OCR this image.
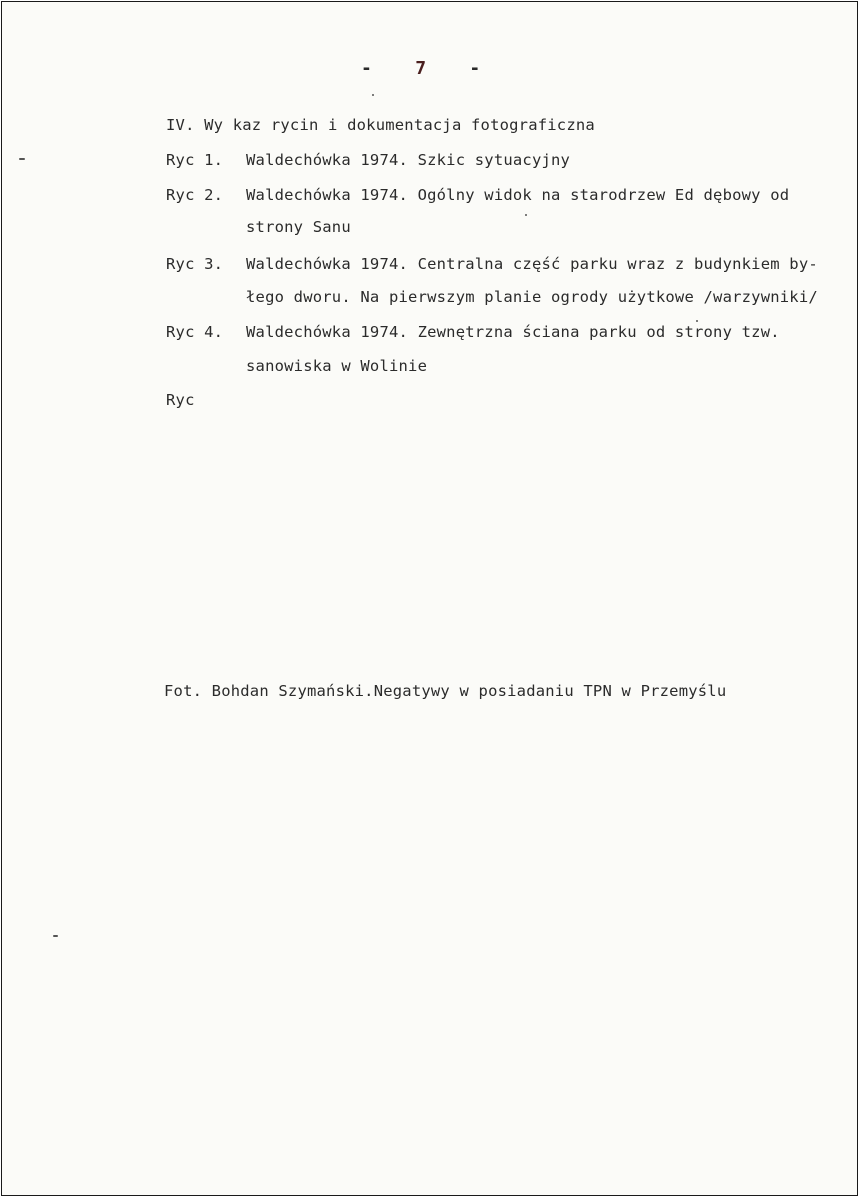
- 7 -
IV. Wy kaz rycin i dokumentacja fotograficzna
Ryc 1. Waldechówka 1974. Szkic sytuacyjny
Ryc 2. Waldechówka 1974. Ogólny widok na starodrzew Ed dębowy od
strony Sanu
Ryc 3. Waldechówka 1974. Centralna część parku wraz z budynkiem by-
łego dworu. Na pierwszym planie ogrody użytkowe /warzywniki/
Ryc 4. Waldechówka 1974. Zewnętrzna ściana parku od strony tzw.
sanowiska w Wolinie
Ryc
Fot. Bohdan Szymański.Negatywy w posiadaniu TPN w Przemyślu
